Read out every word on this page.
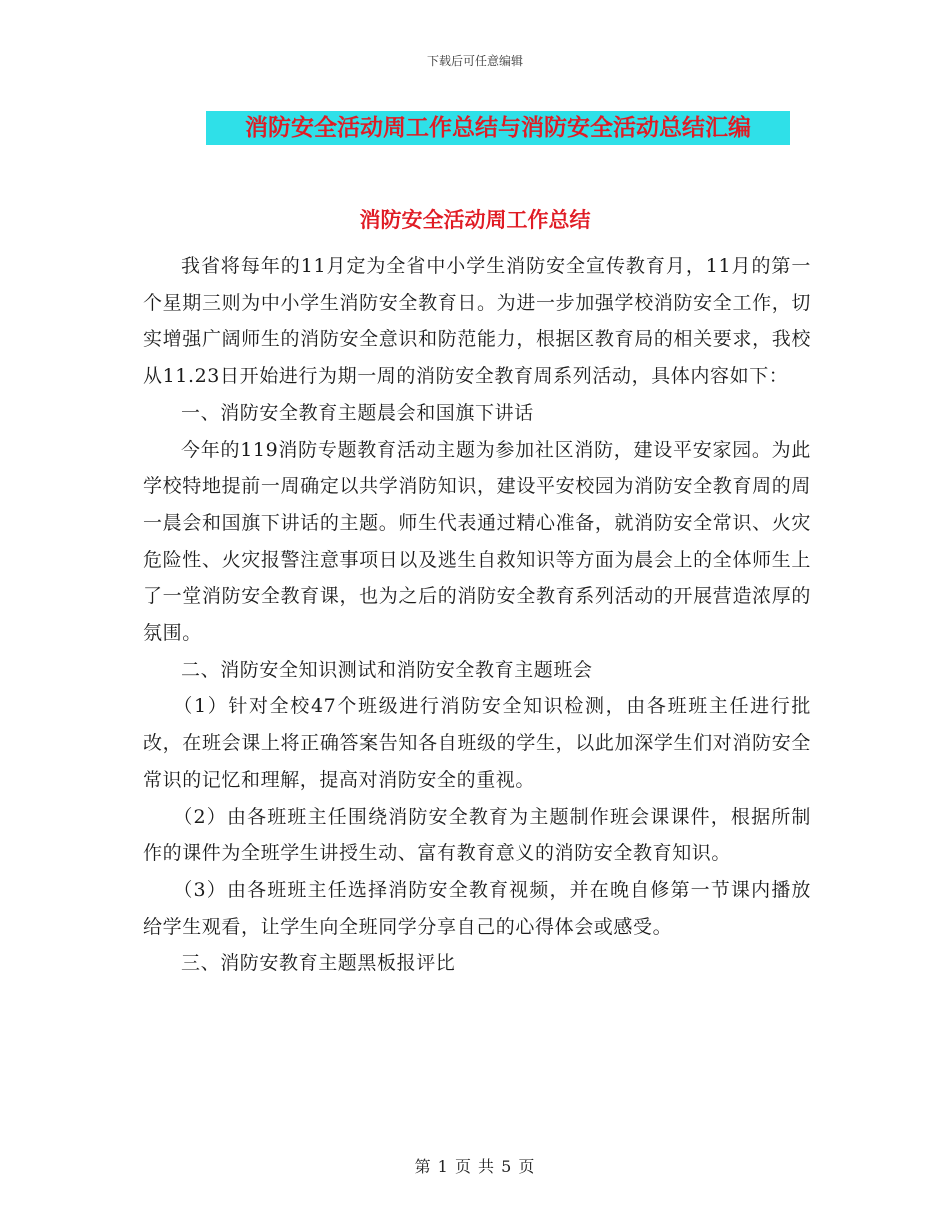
下载后可任意编辑
消防安全活动周工作总结与消防安全活动总结汇编
消防安全活动周工作总结

我省将每年的11月定为全省中小学生消防安全宣传教育月，11月的第一个星期三则为中小学生消防安全教育日。为进一步加强学校消防安全工作，切实增强广阔师生的消防安全意识和防范能力，根据区教育局的相关要求，我校从11.23日开始进行为期一周的消防安全教育周系列活动，具体内容如下：

一、消防安全教育主题晨会和国旗下讲话

今年的119消防专题教育活动主题为参加社区消防，建设平安家园。为此学校特地提前一周确定以共学消防知识，建设平安校园为消防安全教育周的周一晨会和国旗下讲话的主题。师生代表通过精心准备，就消防安全常识、火灾危险性、火灾报警注意事项日以及逃生自救知识等方面为晨会上的全体师生上了一堂消防安全教育课，也为之后的消防安全教育系列活动的开展营造浓厚的氛围。

二、消防安全知识测试和消防安全教育主题班会

（1）针对全校47个班级进行消防安全知识检测，由各班班主任进行批改，在班会课上将正确答案告知各自班级的学生，以此加深学生们对消防安全常识的记忆和理解，提高对消防安全的重视。

（2）由各班班主任围绕消防安全教育为主题制作班会课课件，根据所制作的课件为全班学生讲授生动、富有教育意义的消防安全教育知识。

（3）由各班班主任选择消防安全教育视频，并在晚自修第一节课内播放给学生观看，让学生向全班同学分享自己的心得体会或感受。

三、消防安教育主题黑板报评比

第 1 页 共 5 页
